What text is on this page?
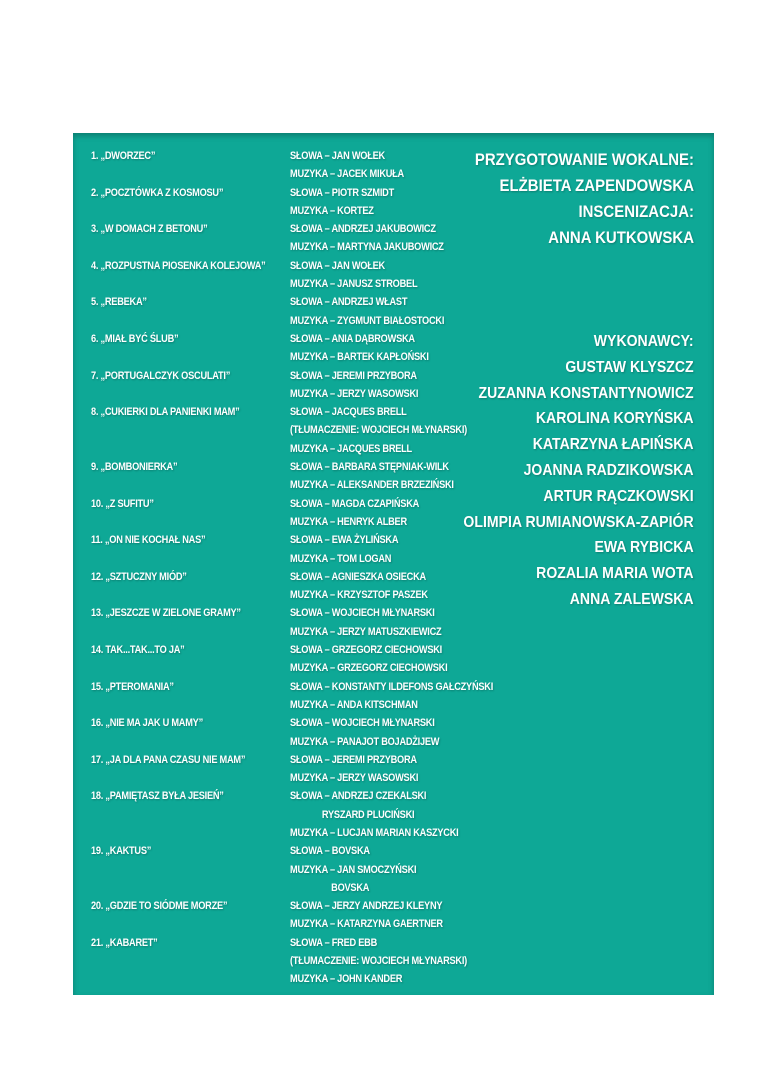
1. „DWORZEC”	SŁOWA – JAN WOŁEK
MUZYKA – JACEK MIKUŁA
2. „POCZTÓWKA Z KOSMOSU”	SŁOWA – PIOTR SZMIDT
MUZYKA – KORTEZ
3. „W DOMACH Z BETONU”	SŁOWA – ANDRZEJ JAKUBOWICZ
MUZYKA – MARTYNA JAKUBOWICZ
4. „ROZPUSTNA PIOSENKA KOLEJOWA” SŁOWA – JAN WOŁEK
MUZYKA – JANUSZ STROBEL
5. „REBEKA”	SŁOWA – ANDRZEJ WŁAST
MUZYKA – ZYGMUNT BIAŁOSTOCKI
6. „MIAŁ BYĆ ŚLUB”	SŁOWA – ANIA DĄBROWSKA
MUZYKA – BARTEK KAPŁOŃSKI
7. „PORTUGALCZYK OSCULATI”	SŁOWA – JEREMI PRZYBORA
MUZYKA – JERZY WASOWSKI
8. „CUKIERKI DLA PANIENKI MAM”	SŁOWA – JACQUES BRELL
(TŁUMACZENIE: WOJCIECH MŁYNARSKI)
MUZYKA – JACQUES BRELL
9. „BOMBONIERKA”	SŁOWA – BARBARA STĘPNIAK-WILK
MUZYKA – ALEKSANDER BRZEZIŃSKI
10. „Z SUFITU”	SŁOWA – MAGDA CZAPIŃSKA
MUZYKA – HENRYK ALBER
11. „ON NIE KOCHAŁ NAS”	SŁOWA – EWA ŻYLIŃSKA
MUZYKA – TOM LOGAN
12. „SZTUCZNY MIÓD”	SŁOWA – AGNIESZKA OSIECKA
MUZYKA – KRZYSZTOF PASZEK
13. „JESZCZE W ZIELONE GRAMY”	SŁOWA – WOJCIECH MŁYNARSKI
MUZYKA – JERZY MATUSZKIEWICZ
14. TAK...TAK...TO JA”	SŁOWA – GRZEGORZ CIECHOWSKI
MUZYKA – GRZEGORZ CIECHOWSKI
15. „PTEROMANIA”	SŁOWA – KONSTANTY ILDEFONS GAŁCZYŃSKI
MUZYKA – ANDA KITSCHMAN
16. „NIE MA JAK U MAMY”	SŁOWA – WOJCIECH MŁYNARSKI
MUZYKA – PANAJOT BOJADŻIJEW
17. „JA DLA PANA CZASU NIE MAM”	SŁOWA – JEREMI PRZYBORA
MUZYKA – JERZY WASOWSKI
18. „PAMIĘTASZ BYŁA JESIEŃ”	SŁOWA – ANDRZEJ CZEKALSKI
RYSZARD PLUCIŃSKI
MUZYKA – LUCJAN MARIAN KASZYCKI
19. „KAKTUS”	SŁOWA – BOVSKA
MUZYKA – JAN SMOCZYŃSKI
BOVSKA
20. „GDZIE TO SIÓDME MORZE”	SŁOWA – JERZY ANDRZEJ KLEYNY
MUZYKA – KATARZYNA GAERTNER
21. „KABARET”	SŁOWA – FRED EBB
(TŁUMACZENIE: WOJCIECH MŁYNARSKI)
MUZYKA – JOHN KANDER
PRZYGOTOWANIE WOKALNE:
ELŻBIETA ZAPENDOWSKA
INSCENIZACJA:
ANNA KUTKOWSKA
WYKONAWCY:
GUSTAW KLYSZCZ
ZUZANNA KONSTANTYNOWICZ
KAROLINA KORYŃSKA
KATARZYNA ŁAPIŃSKA
JOANNA RADZIKOWSKA
ARTUR RĄCZKOWSKI
OLIMPIA RUMIANOWSKA-ZAPIÓR
EWA RYBICKA
ROZALIA MARIA WOTA
ANNA ZALEWSKA
